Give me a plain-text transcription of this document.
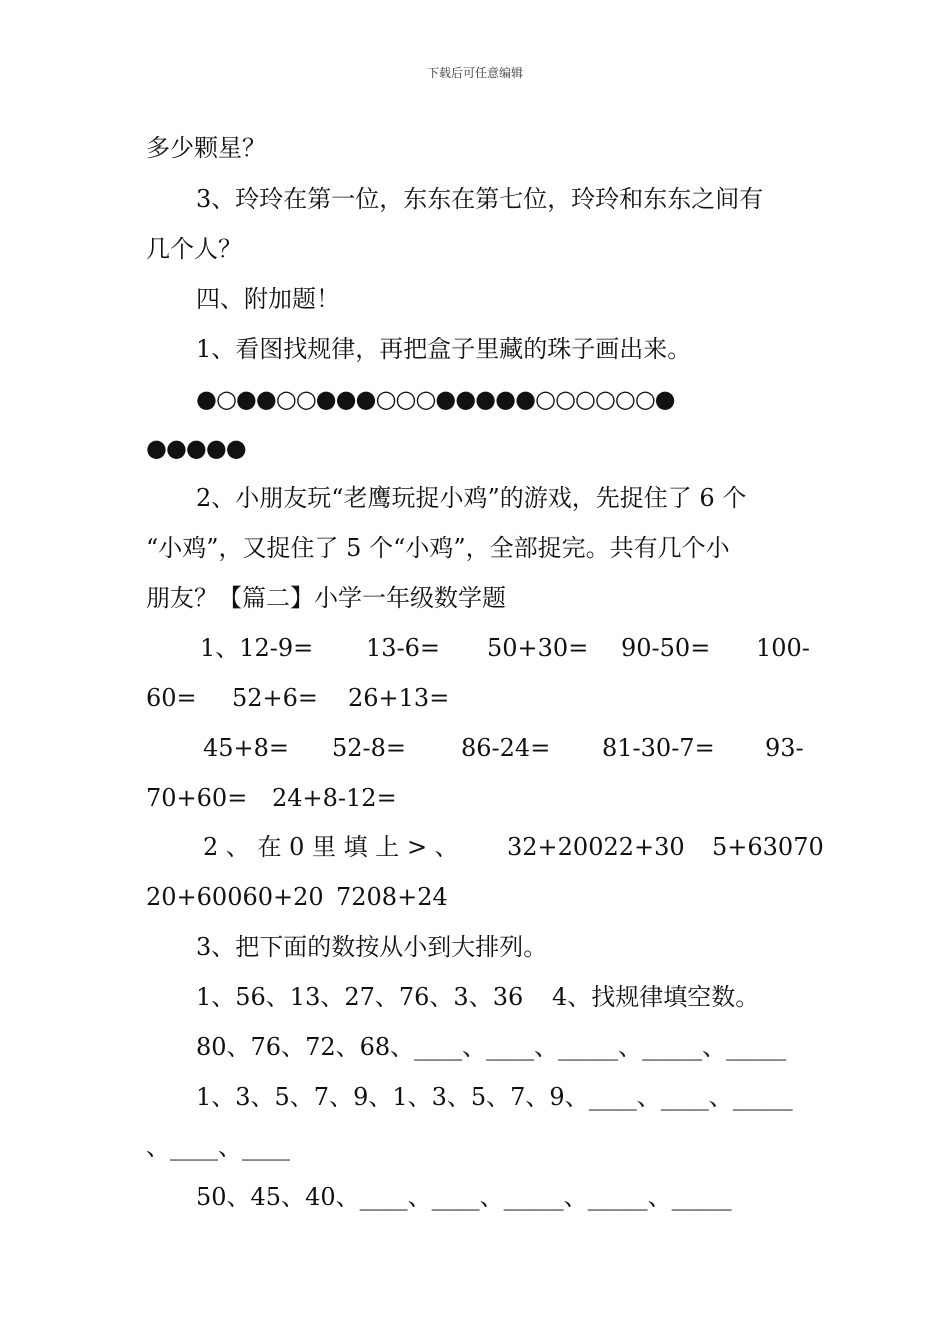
下载后可任意编辑
多少颗星？
3、玲玲在第一位，东东在第七位，玲玲和东东之间有
几个人？
四、附加题！
1、看图找规律，再把盒子里藏的珠子画出来。
●○●●○○●●●○○○●●●●●○○○○○○●
●●●●●
2、小朋友玩“老鹰玩捉小鸡”的游戏，先捉住了 6 个
“小鸡”，又捉住了 5 个“小鸡”，全部捉完。共有几个小
朋友？【篇二】小学一年级数学题
1、12-9= 13-6= 50+30= 90-50= 100-
60= 52+6= 26+13=
45+8= 52-8= 86-24= 81-30-7= 93-
70+60= 24+8-12=
2 、 在 0 里 填 上 > 、 32+20022+30 5+63070
20+60060+20 7208+24
3、把下面的数按从小到大排列。
1、56、13、27、76、3、36 4、找规律填空数。
80、76、72、68、____、____、_____、_____、_____
1、3、5、7、9、1、3、5、7、9、____、____、_____
、____、____
50、45、40、____、____、_____、_____、_____
